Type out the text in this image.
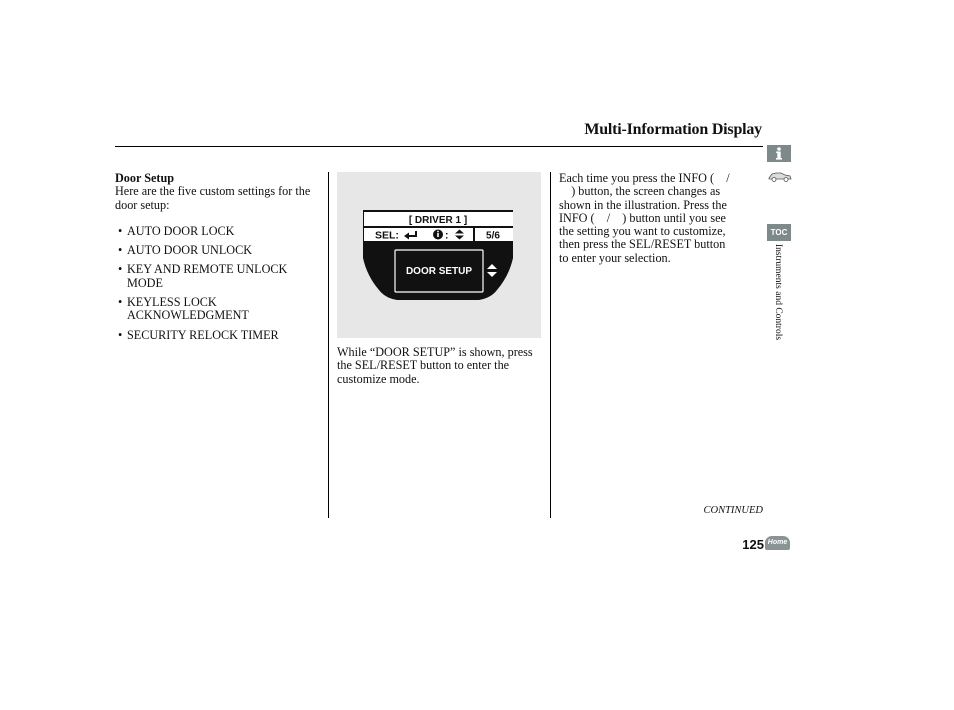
Multi-Information Display
Door Setup
Here are the five custom settings for the door setup:
• AUTO DOOR LOCK
• AUTO DOOR UNLOCK
• KEY AND REMOTE UNLOCK MODE
• KEYLESS LOCK ACKNOWLEDGMENT
• SECURITY RELOCK TIMER
[ DRIVER 1 ]
SEL:	:	5/6
DOOR SETUP
While “DOOR SETUP” is shown, press the SEL/RESET button to enter the customize mode.
Each time you press the INFO (    /
) button, the screen changes as
shown in the illustration. Press the
INFO (    /    ) button until you see
the setting you want to customize,
then press the SEL/RESET button
to enter your selection.
TOC
Instruments and Controls
CONTINUED
125 Home
